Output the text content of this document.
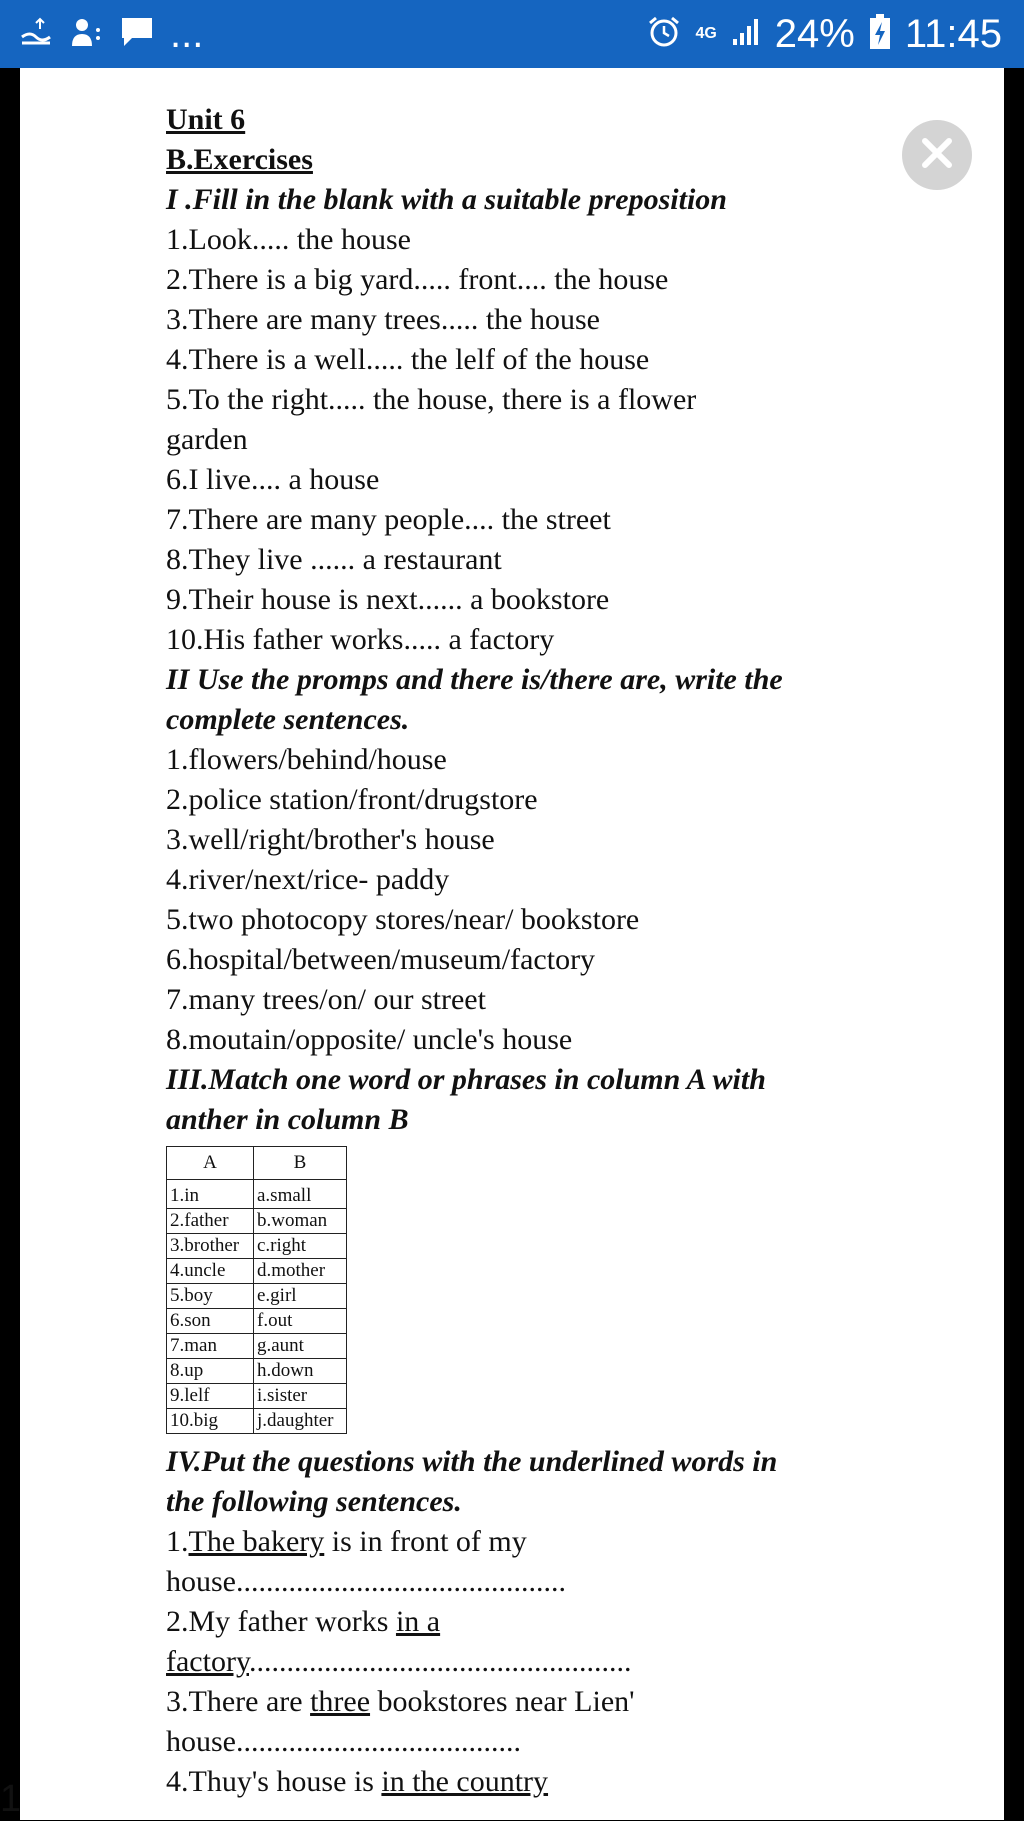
...	4G 24% 11:45
Unit 6
B.Exercises
I .Fill in the blank with a suitable preposition
1.Look..... the house
2.There is a big yard..... front.... the house
3.There are many trees..... the house
4.There is a well..... the lelf of the house
5.To the right..... the house, there is a flower
garden
6.I live.... a house
7.There are many people.... the street
8.They live ...... a restaurant
9.Their house is next...... a bookstore
10.His father works..... a factory
II Use the promps and there is/there are, write the
complete sentences.
1.flowers/behind/house
2.police station/front/drugstore
3.well/right/brother's house
4.river/next/rice- paddy
5.two photocopy stores/near/ bookstore
6.hospital/between/museum/factory
7.many trees/on/ our street
8.moutain/opposite/ uncle's house
III.Match one word or phrases in column A with
anther in column B
A	B
1.in	a.small
2.father	b.woman
3.brother	c.right
4.uncle	d.mother
5.boy	e.girl
6.son	f.out
7.man	g.aunt
8.up	h.down
9.lelf	i.sister
10.big	j.daughter
IV.Put the questions with the underlined words in
the following sentences.
1.The bakery is in front of my
house............................................
2.My father works in a
factory...................................................
3.There are three bookstores near Lien'
house......................................
4.Thuy's house is in the country
1
